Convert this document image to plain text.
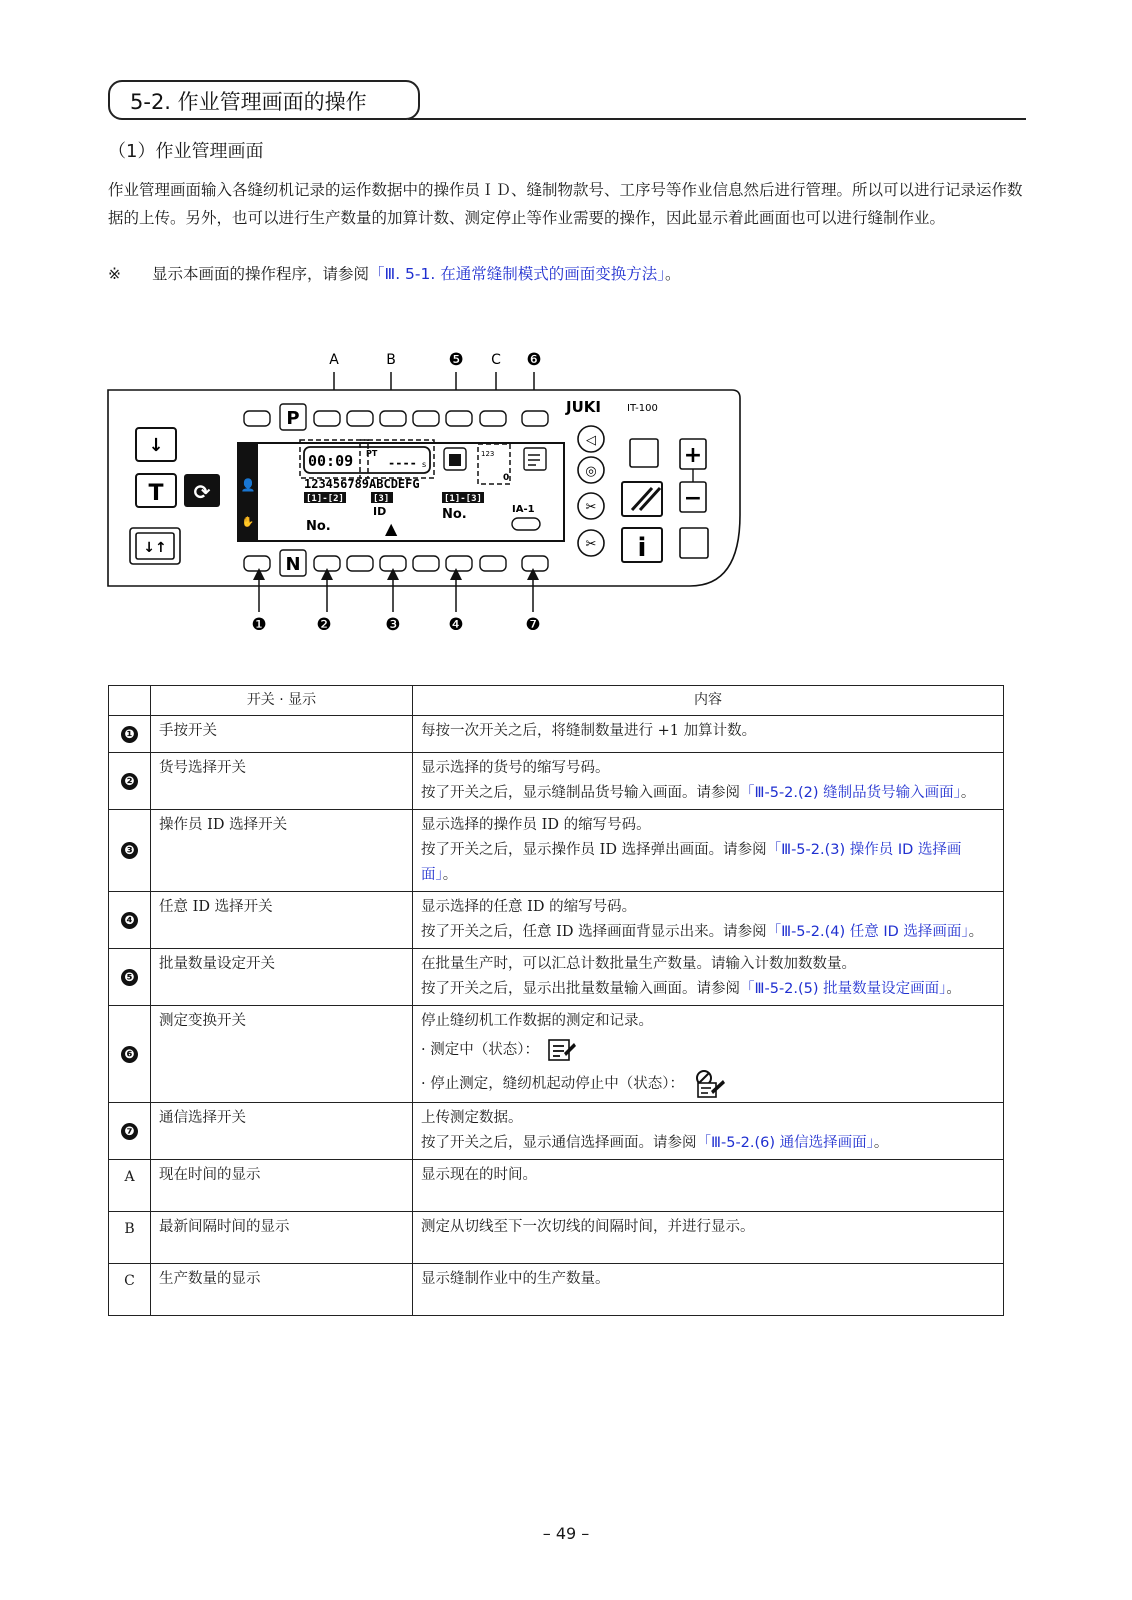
5-2. 作业管理画面的操作
（1）作业管理画面
作业管理画面输入各缝纫机记录的运作数据中的操作员ＩＤ、缝制物款号、工序号等作业信息然后进行管理。所以可以进行记录运作数据的上传。另外，也可以进行生产数量的加算计数、测定停止等作业需要的操作，因此显示着此画面也可以进行缝制作业。
※ 显示本画面的操作程序，请参阅「Ⅲ. 5-1. 在通常缝制模式的画面变换方法」。
A	B	❺ C ❻
JUKI	IT-100
P
N
↓
T ⟳
↓↑
👤
✋
00:09 PT
---- s
123
0
123456789ABCDEFG
[1]-[2]	[3]	[1]-[3]
No.
ID
▲
No.	IA-1
◁
◎
✂
✂ i
+
−
❶	❷	❸	❹	❼
	开关 · 显示	内容
❶	手按开关	每按一次开关之后，将缝制数量进行 +1 加算计数。

❷	货号选择开关	显示选择的货号的缩写号码。
按了开关之后，显示缝制品货号输入画面。请参阅「Ⅲ-5-2.(2) 缝制品货号输入画面」。

❸	操作员 ID 选择开关	显示选择的操作员 ID 的缩写号码。
按了开关之后，显示操作员 ID 选择弹出画面。请参阅「Ⅲ-5-2.(3) 操作员 ID 选择画面」。

❹	任意 ID 选择开关	显示选择的任意 ID 的缩写号码。
按了开关之后，任意 ID 选择画面背显示出来。请参阅「Ⅲ-5-2.(4) 任意 ID 选择画面」。

❺	批量数量设定开关	在批量生产时，可以汇总计数批量生产数量。请输入计数加数数量。
按了开关之后，显示出批量数量输入画面。请参阅「Ⅲ-5-2.(5) 批量数量设定画面」。

❻	测定变换开关	停止缝纫机工作数据的测定和记录。
· 测定中（状态）：
· 停止测定，缝纫机起动停止中（状态）：

❼	通信选择开关	上传测定数据。
按了开关之后，显示通信选择画面。请参阅「Ⅲ-5-2.(6) 通信选择画面」。

A	现在时间的显示	显示现在的时间。

B	最新间隔时间的显示	测定从切线至下一次切线的间隔时间，并进行显示。

C	生产数量的显示	显示缝制作业中的生产数量。
– 49 –
